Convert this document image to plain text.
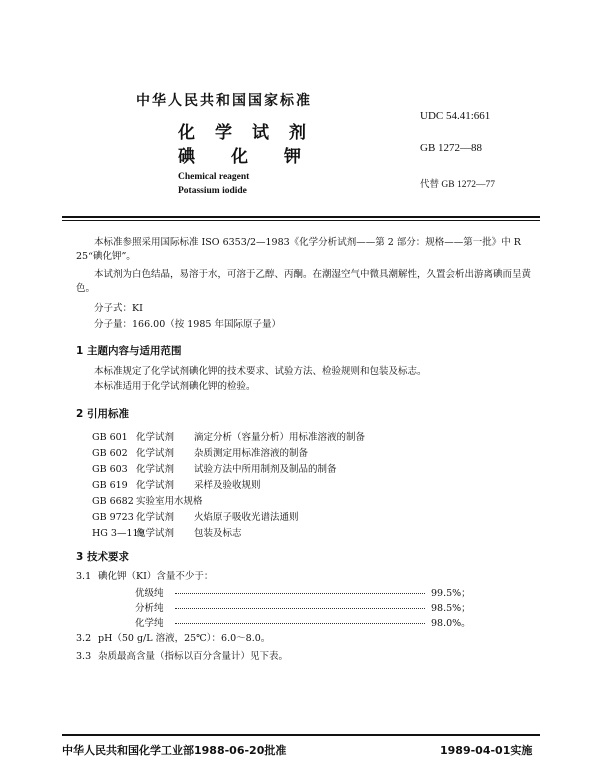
中华人民共和国国家标准
化学试剂
碘化钾
Chemical reagent
Potassium iodide
UDC 54.41:661
GB 1272—88
代替 GB 1272—77
本标准参照采用国际标准 ISO 6353/2—1983《化学分析试剂——第 2 部分：规格——第一批》中 R 25“碘化钾”。
本试剂为白色结晶，易溶于水，可溶于乙醇、丙酮。在潮湿空气中微具潮解性，久置会析出游离碘而呈黄色。
分子式：KI
分子量：166.00（按 1985 年国际原子量）
1 主题内容与适用范围
本标准规定了化学试剂碘化钾的技术要求、试验方法、检验规则和包装及标志。
本标准适用于化学试剂碘化钾的检验。
2 引用标准
GB 601 化学试剂 滴定分析（容量分析）用标准溶液的制备
GB 602 化学试剂 杂质测定用标准溶液的制备
GB 603 化学试剂 试验方法中所用制剂及制品的制备
GB 619 化学试剂 采样及验收规则
GB 6682 实验室用水规格
GB 9723 化学试剂 火焰原子吸收光谱法通则
HG 3—119化学试剂 包装及标志
3 技术要求
3.1 碘化钾（KI）含量不少于：
优级纯	99.5%；
分析纯	98.5%；
化学纯	98.0%。
3.2 pH（50 g/L 溶液，25℃）：6.0～8.0。
3.3 杂质最高含量（指标以百分含量计）见下表。
中华人民共和国化学工业部1988-06-20批准	1989-04-01实施
